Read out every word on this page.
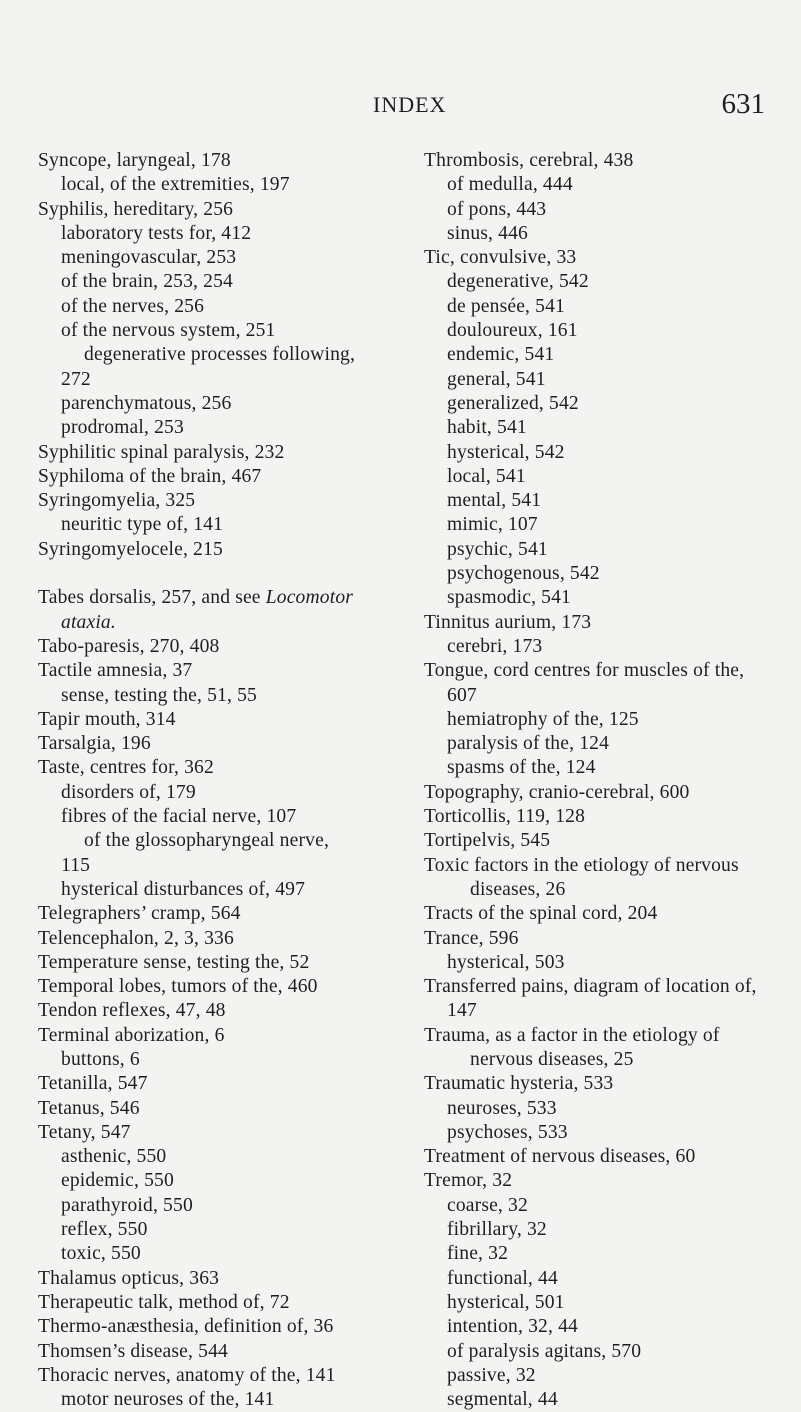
INDEX	631
Syncope, laryngeal, 178
local, of the extremities, 197
Syphilis, hereditary, 256
laboratory tests for, 412
meningovascular, 253
of the brain, 253, 254
of the nerves, 256
of the nervous system, 251
degenerative processes following,
272
parenchymatous, 256
prodromal, 253
Syphilitic spinal paralysis, 232
Syphiloma of the brain, 467
Syringomyelia, 325
neuritic type of, 141
Syringomyelocele, 215
Tabes dorsalis, 257, and see Locomotor
ataxia.
Tabo-paresis, 270, 408
Tactile amnesia, 37
sense, testing the, 51, 55
Tapir mouth, 314
Tarsalgia, 196
Taste, centres for, 362
disorders of, 179
fibres of the facial nerve, 107
of the glossopharyngeal nerve,
115
hysterical disturbances of, 497
Telegraphers’ cramp, 564
Telencephalon, 2, 3, 336
Temperature sense, testing the, 52
Temporal lobes, tumors of the, 460
Tendon reflexes, 47, 48
Terminal aborization, 6
buttons, 6
Tetanilla, 547
Tetanus, 546
Tetany, 547
asthenic, 550
epidemic, 550
parathyroid, 550
reflex, 550
toxic, 550
Thalamus opticus, 363
Therapeutic talk, method of, 72
Thermo-anæsthesia, definition of, 36
Thomsen’s disease, 544
Thoracic nerves, anatomy of the, 141
motor neuroses of the, 141
Thrombosis, cerebral, 438
of medulla, 444
of pons, 443
sinus, 446
Tic, convulsive, 33
degenerative, 542
de pensée, 541
douloureux, 161
endemic, 541
general, 541
generalized, 542
habit, 541
hysterical, 542
local, 541
mental, 541
mimic, 107
psychic, 541
psychogenous, 542
spasmodic, 541
Tinnitus aurium, 173
cerebri, 173
Tongue, cord centres for muscles of the,
607
hemiatrophy of the, 125
paralysis of the, 124
spasms of the, 124
Topography, cranio-cerebral, 600
Torticollis, 119, 128
Tortipelvis, 545
Toxic factors in the etiology of nervous
diseases, 26
Tracts of the spinal cord, 204
Trance, 596
hysterical, 503
Transferred pains, diagram of location of,
147
Trauma, as a factor in the etiology of
nervous diseases, 25
Traumatic hysteria, 533
neuroses, 533
psychoses, 533
Treatment of nervous diseases, 60
Tremor, 32
coarse, 32
fibrillary, 32
fine, 32
functional, 44
hysterical, 501
intention, 32, 44
of paralysis agitans, 570
passive, 32
segmental, 44
